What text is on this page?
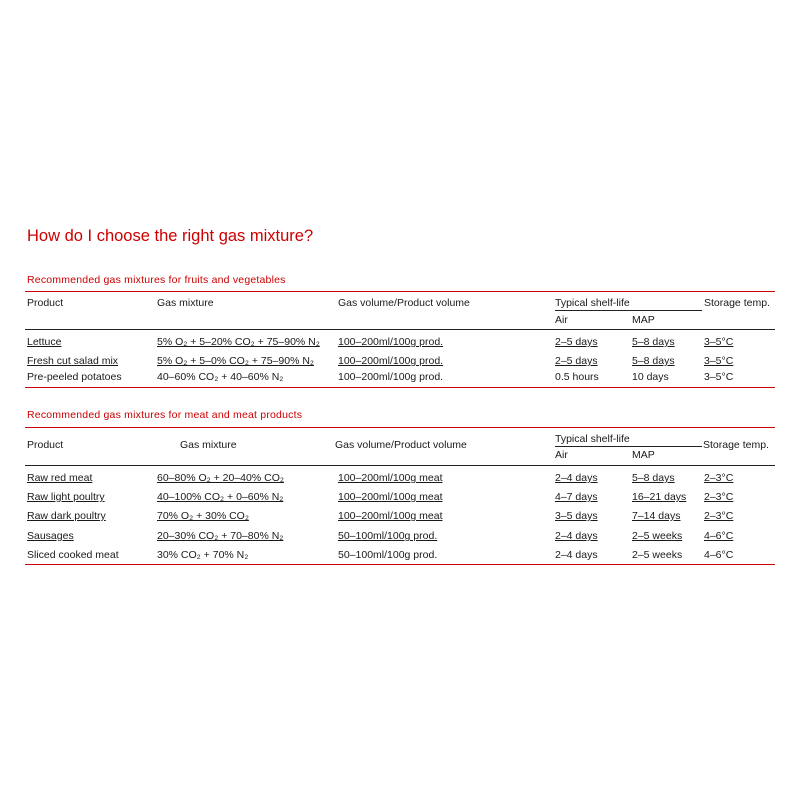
How do I choose the right gas mixture?
Recommended gas mixtures for fruits and vegetables
Product	Gas mixture	Gas volume/Product volume	Typical shelf-life	Storage temp.
Air	MAP
Lettuce	5% O₂ + 5–20% CO₂ + 75–90% N₂	100–200ml/100g prod.	2–5 days	5–8 days	3–5°C
Fresh cut salad mix	5% O₂ + 5–0% CO₂ + 75–90% N₂	100–200ml/100g prod.	2–5 days	5–8 days	3–5°C
Pre-peeled potatoes	40–60% CO₂ + 40–60% N₂	100–200ml/100g prod.	0.5 hours	10 days	3–5°C
Recommended gas mixtures for meat and meat products
Product	Gas mixture	Gas volume/Product volume	Typical shelf-life	Storage temp.
Air	MAP
Raw red meat	60–80% O₂ + 20–40% CO₂	100–200ml/100g meat	2–4 days	5–8 days	2–3°C
Raw light poultry	40–100% CO₂ + 0–60% N₂	100–200ml/100g meat	4–7 days	16–21 days 2–3°C
Raw dark poultry	70% O₂ + 30% CO₂	100–200ml/100g meat	3–5 days	7–14 days 2–3°C
Sausages	20–30% CO₂ + 70–80% N₂	50–100ml/100g prod.	2–4 days	2–5 weeks 4–6°C
Sliced cooked meat	30% CO₂ + 70% N₂	50–100ml/100g prod.	2–4 days	2–5 weeks 4–6°C
